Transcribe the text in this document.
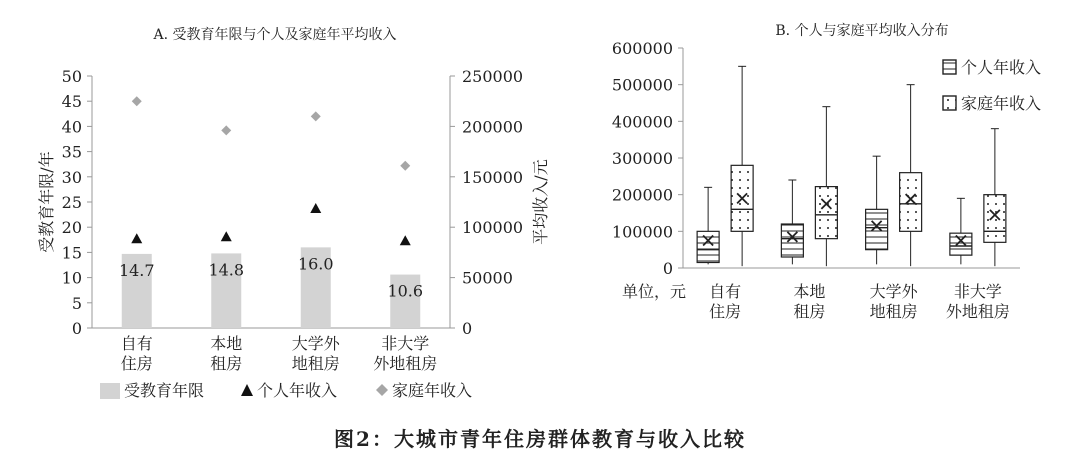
A. 受教育年限与个人及家庭年平均收入
0
5
10
15
20
25
30
35
40
45
50
0
50000
100000
150000
200000
250000
受教育年限/年	平均收入/元
14.7	14.8	16.0
10.6
自有
住房
本地
租房
大学外
地租房
非大学
外地租房
受教育年限	个人年收入	家庭年收入
B. 个人与家庭平均收入分布
0
100000
200000
300000
400000
500000
600000
单位，元 自有
住房
本地
租房
大学外
地租房
非大学
外地租房
个人年收入
家庭年收入
图2：大城市青年住房群体教育与收入比较
